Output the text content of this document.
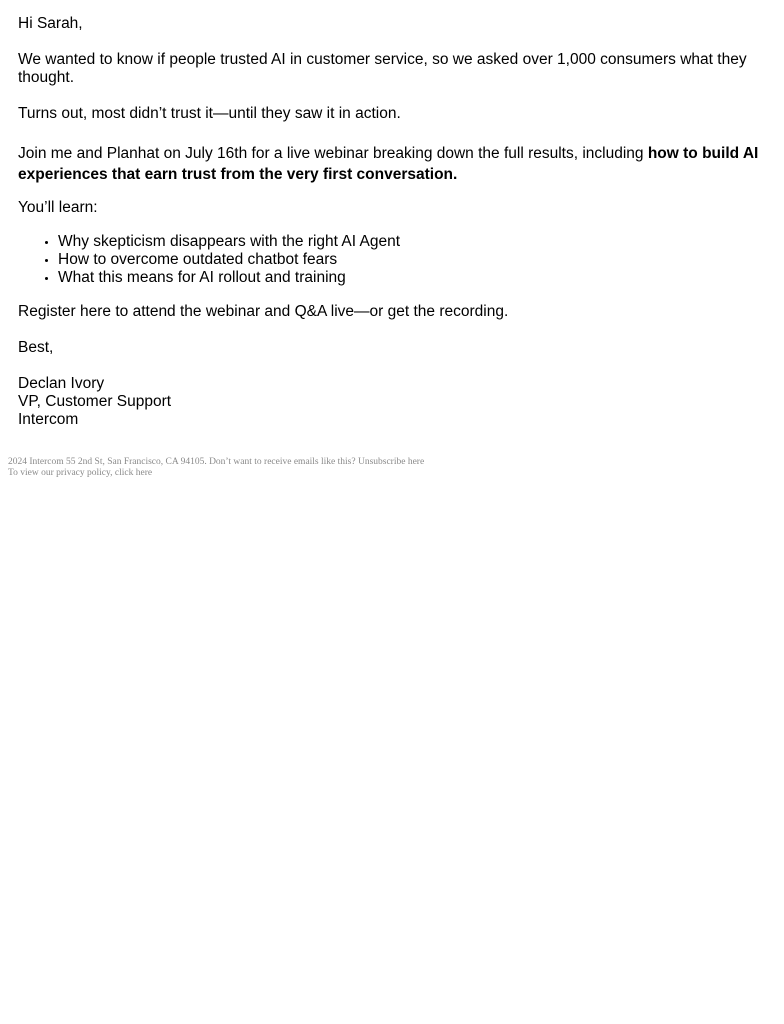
Hi Sarah,

We wanted to know if people trusted AI in customer service, so we asked over 1,000 consumers what they thought.

Turns out, most didn’t trust it—until they saw it in action.

Join me and Planhat on July 16th for a live webinar breaking down the full results, including how to build AI experiences that earn trust from the very first conversation.

You’ll learn:

Why skepticism disappears with the right AI Agent
How to overcome outdated chatbot fears
What this means for AI rollout and training

Register here to attend the webinar and Q&A live—or get the recording.

Best,

Declan Ivory

VP, Customer Support

Intercom

2024 Intercom 55 2nd St, San Francisco, CA 94105. Don’t want to receive emails like this? Unsubscribe here
To view our privacy policy, click here
